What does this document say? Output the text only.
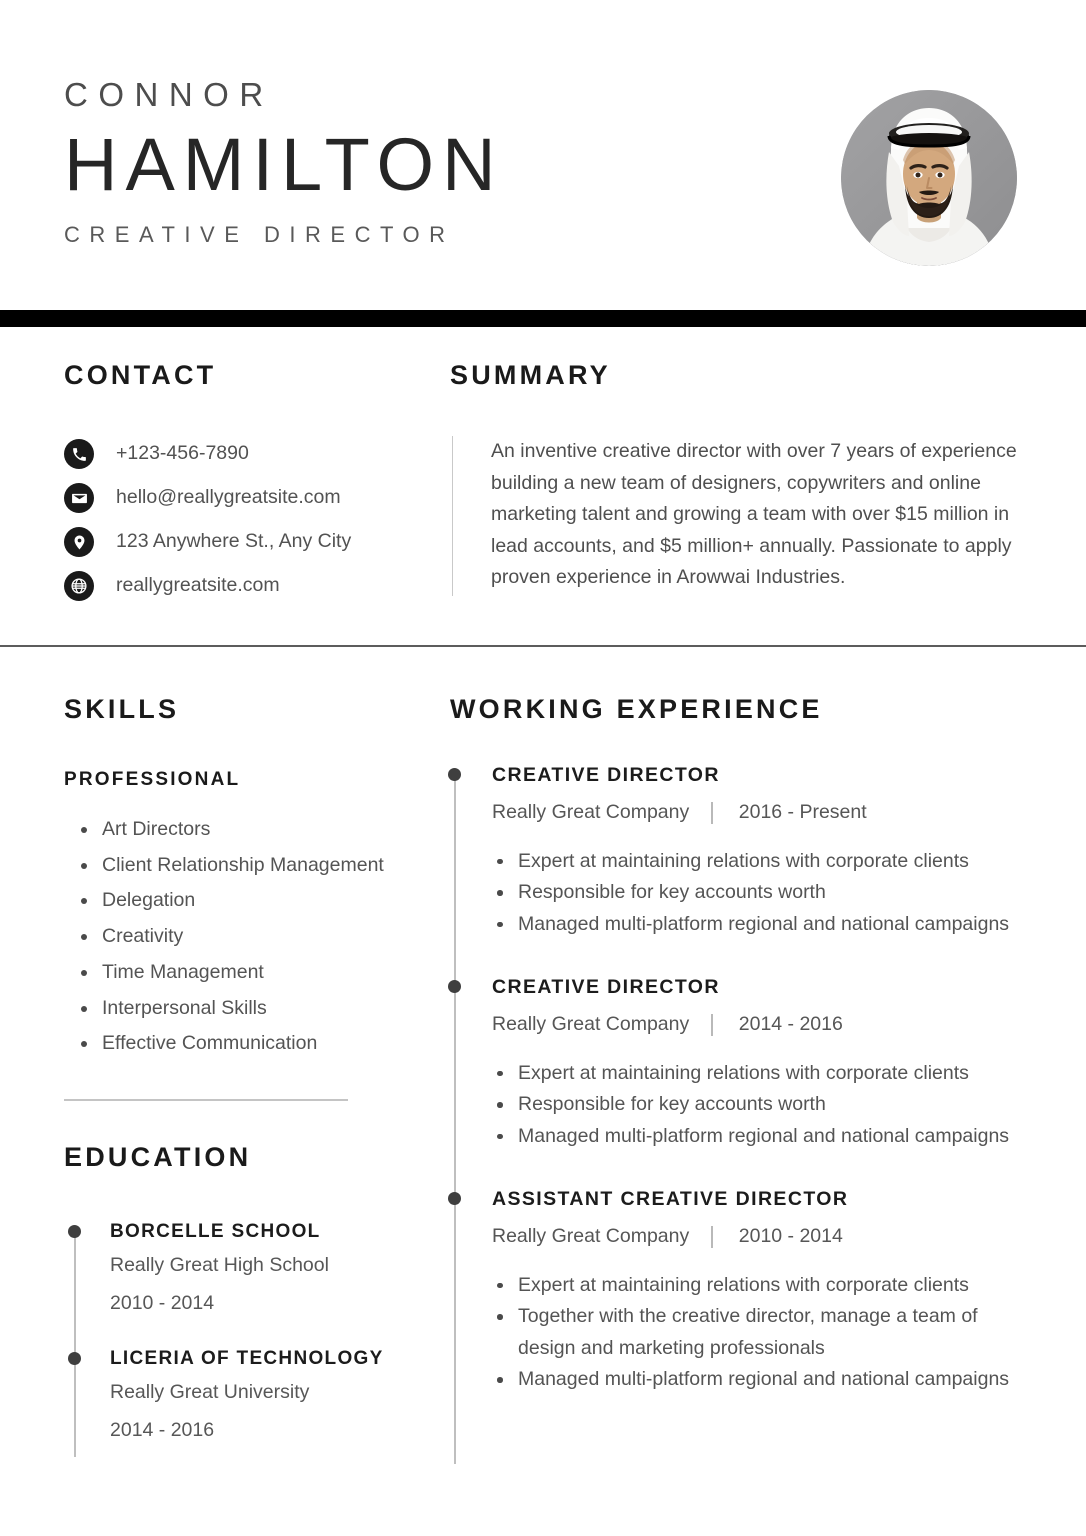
CONNOR
HAMILTON
CREATIVE DIRECTOR
CONTACT
+123-456-7890
hello@reallygreatsite.com
123 Anywhere St., Any City
reallygreatsite.com
SUMMARY

An inventive creative director with over 7 years of experience building a new team of designers, copywriters and online marketing talent and growing a team with over $15 million in lead accounts, and $5 million+ annually. Passionate to apply proven experience in Arowwai Industries.

SKILLS
PROFESSIONAL
Art Directors
Client Relationship Management
Delegation
Creativity
Time Management
Interpersonal Skills
Effective Communication
EDUCATION
BORCELLE SCHOOL
Really Great High School
2010 - 2014
LICERIA OF TECHNOLOGY
Really Great University
2014 - 2016
WORKING EXPERIENCE
CREATIVE DIRECTOR
Really Great Company	2016 - Present
Expert at maintaining relations with corporate clients
Responsible for key accounts worth
Managed multi-platform regional and national campaigns
CREATIVE DIRECTOR
Really Great Company	2014 - 2016
Expert at maintaining relations with corporate clients
Responsible for key accounts worth
Managed multi-platform regional and national campaigns
ASSISTANT CREATIVE DIRECTOR
Really Great Company	2010 - 2014
Expert at maintaining relations with corporate clients
Together with the creative director, manage a team of design and marketing professionals
Managed multi-platform regional and national campaigns
